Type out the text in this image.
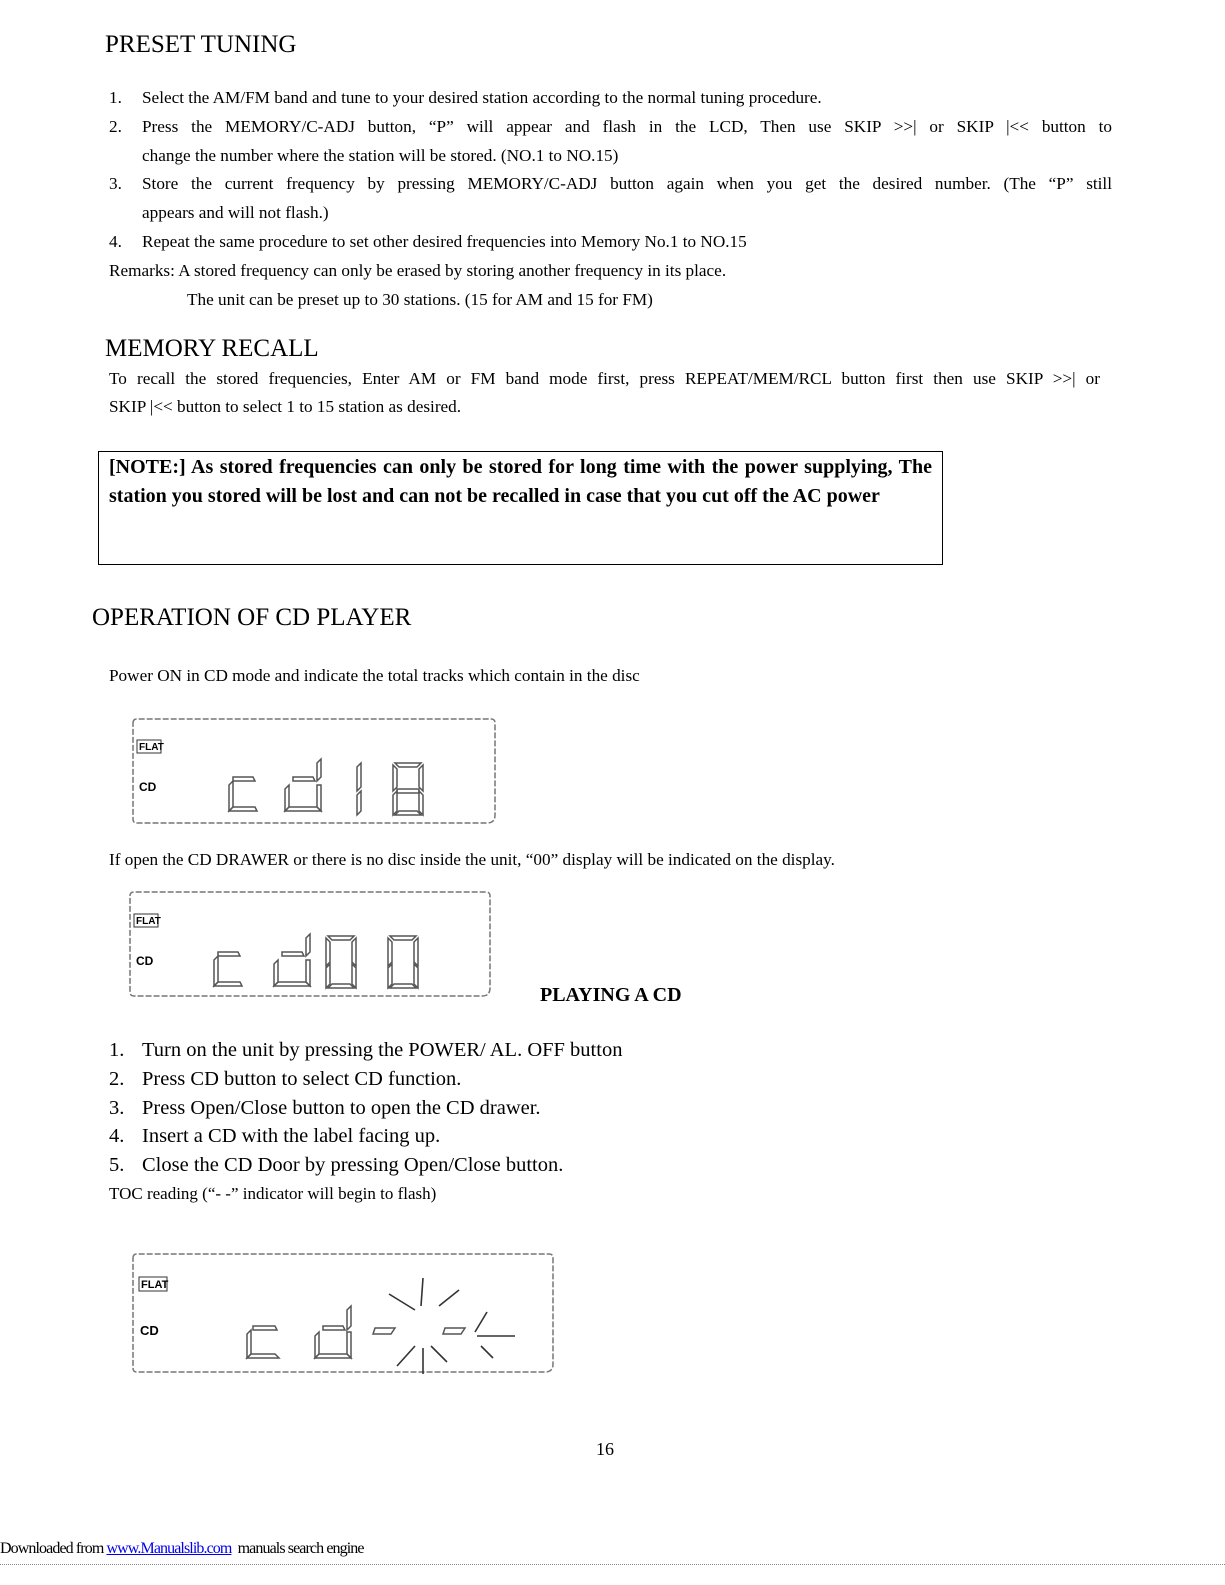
PRESET TUNING
1. Select the AM/FM band and tune to your desired station according to the normal tuning procedure.
2. Press the MEMORY/C-ADJ button, “P” will appear and flash in the LCD, Then use SKIP >>| or SKIP |<< button to
change the number where the station will be stored. (NO.1 to NO.15)
3. Store the current frequency by pressing MEMORY/C-ADJ button again when you get the desired number. (The “P” still
appears and will not flash.)
4. Repeat the same procedure to set other desired frequencies into Memory No.1 to NO.15
Remarks: A stored frequency can only be erased by storing another frequency in its place.
The unit can be preset up to 30 stations. (15 for AM and 15 for FM)
MEMORY RECALL
To recall the stored frequencies, Enter AM or FM band mode first, press REPEAT/MEM/RCL button first then use SKIP >>| or
SKIP |<< button to select 1 to 15 station as desired.
[NOTE:] As stored frequencies can only be stored for long time with the power supplying, The station you stored will be lost and can not be recalled in case that you cut off the AC power
OPERATION OF CD PLAYER
Power ON in CD mode and indicate the total tracks which contain in the disc
FLAT
CD
If open the CD DRAWER or there is no disc inside the unit, “00” display will be indicated on the display.
FLAT
CD
PLAYING A CD
1. Turn on the unit by pressing the POWER/ AL. OFF button
2. Press CD button to select CD function.
3. Press Open/Close button to open the CD drawer.
4. Insert a CD with the label facing up.
5. Close the CD Door by pressing Open/Close button.
TOC reading (“- -” indicator will begin to flash)
FLAT
CD
16
Downloaded from www.Manualslib.com  manuals search engine
